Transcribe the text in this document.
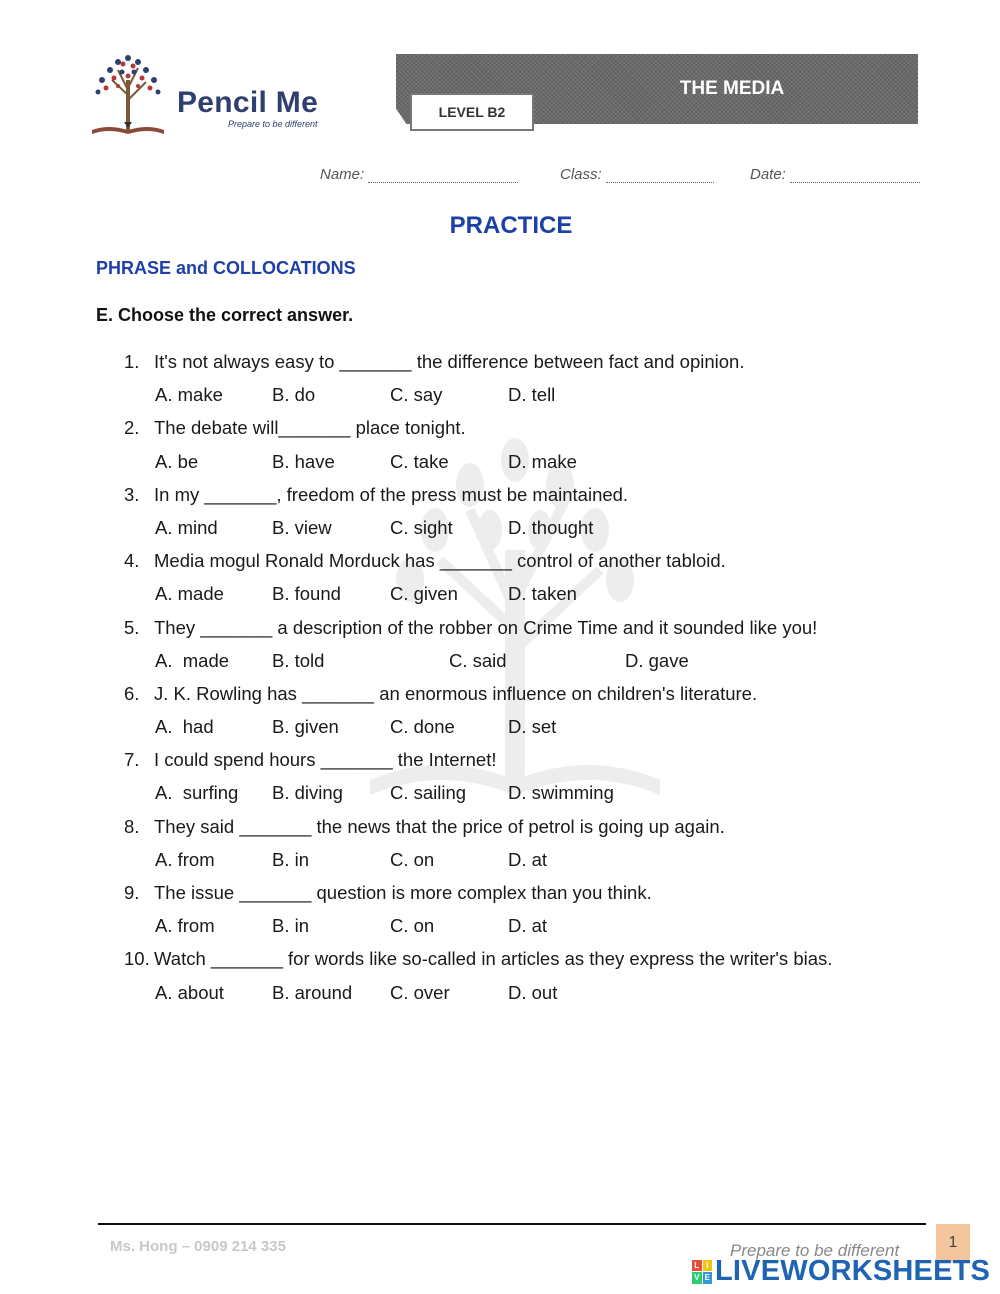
Pencil Me
Prepare to be different
THE MEDIA
LEVEL B2
Name:	Class:	Date:
PRACTICE
PHRASE and COLLOCATIONS
E. Choose the correct answer.
1. It's not always easy to _______ the difference between fact and opinion.
A. make	B. do	C. say	D. tell
2. The debate will_______ place tonight.
A. be	B. have	C. take	D. make
3. In my _______, freedom of the press must be maintained.
A. mind	B. view	C. sight	D. thought
4. Media mogul Ronald Morduck has _______ control of another tabloid.
A. made	B. found	C. given	D. taken
5. They _______ a description of the robber on Crime Time and it sounded like you!
A.  made B. told	C. said	D. gave
6. J. K. Rowling has _______ an enormous influence on children's literature.
A.  had	B. given	C. done	D. set
7. I could spend hours _______ the Internet!
A.  surfing B. diving	C. sailing D. swimming
8. They said _______ the news that the price of petrol is going up again.
A. from	B. in	C. on	D. at
9. The issue _______ question is more complex than you think.
A. from	B. in	C. on	D. at
10. Watch _______ for words like so-called in articles as they express the writer's bias.
A. about	B. around C. over	D. out
Ms. Hong – 0909 214 335	Prepare to be different	1
L I
V E LIVEWORKSHEETS
